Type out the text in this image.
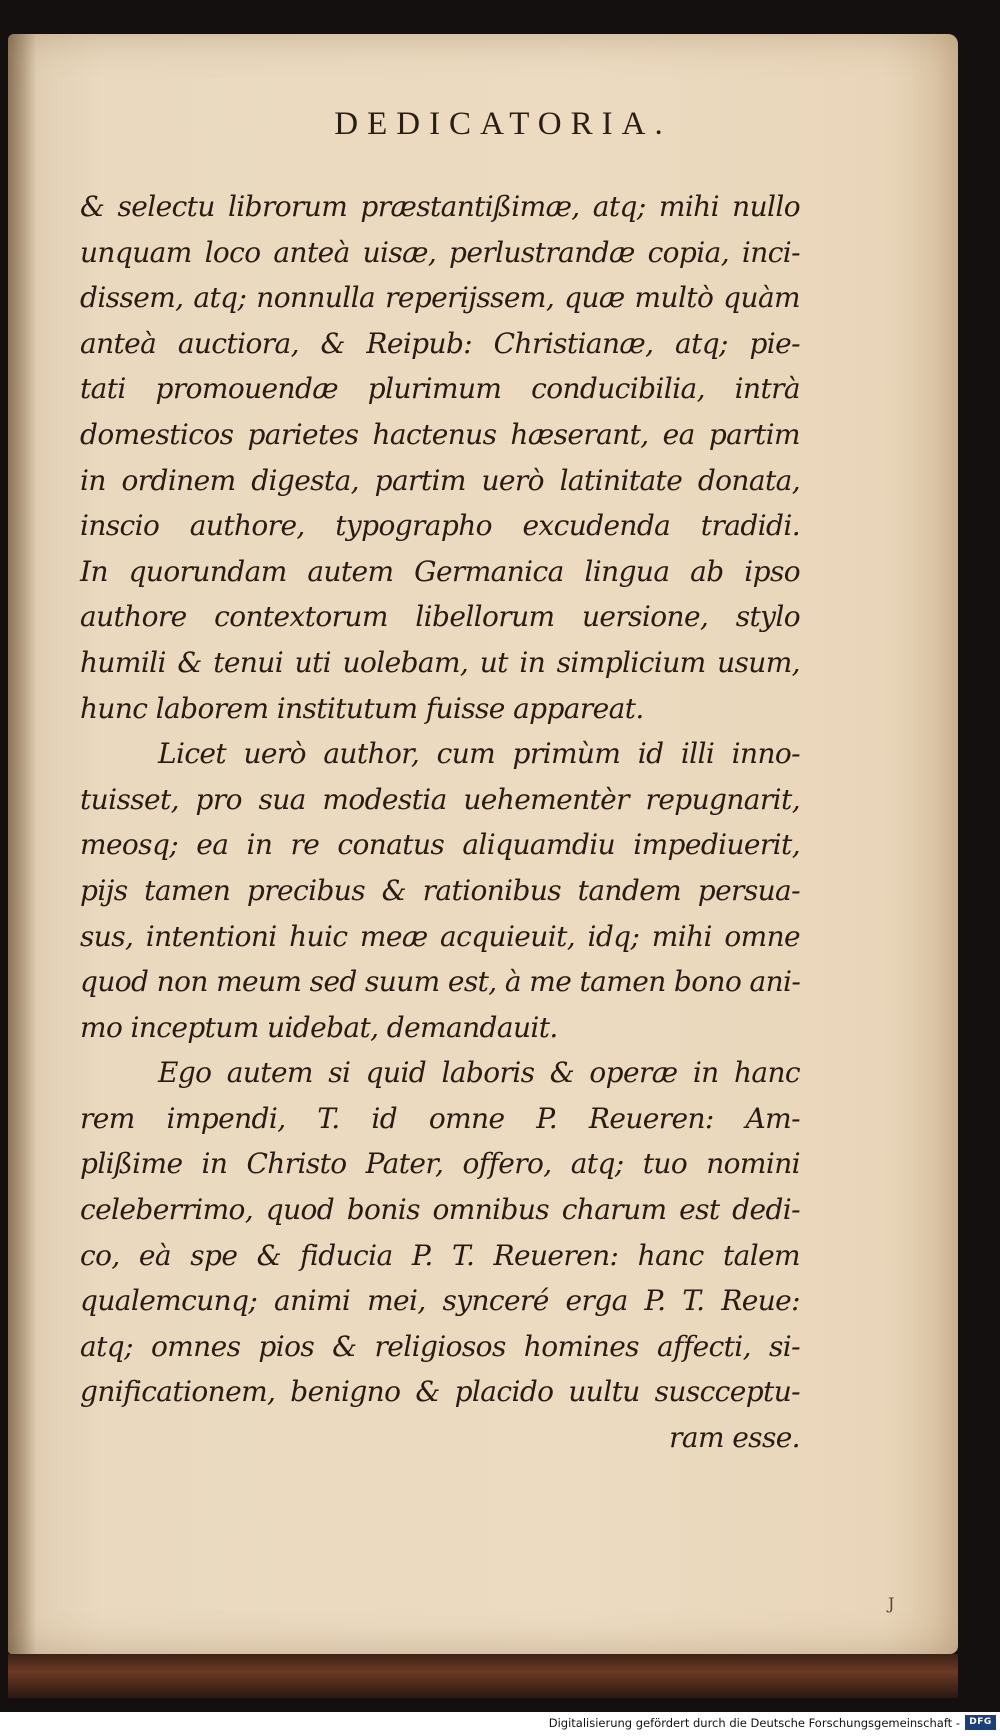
DEDICATORIA.
& selectu librorum præstantißimæ, atq; mihi nullo
unquam loco anteà uisæ, perlustrandæ copia, inci-
dissem, atq; nonnulla reperijssem, quæ multò quàm
anteà auctiora, & Reipub: Christianæ, atq; pie-
tati promouendæ plurimum conducibilia, intrà
domesticos parietes hactenus hæserant, ea partim
in ordinem digesta, partim uerò latinitate donata,
inscio authore, typographo excudenda tradidi.
In quorundam autem Germanica lingua ab ipso
authore contextorum libellorum uersione, stylo
humili & tenui uti uolebam, ut in simplicium usum,
hunc laborem institutum fuisse appareat.
Licet uerò author, cum primùm id illi inno-
tuisset, pro sua modestia uehementèr repugnarit,
meosq; ea in re conatus aliquamdiu impediuerit,
pijs tamen precibus & rationibus tandem persua-
sus, intentioni huic meæ acquieuit, idq; mihi omne
quod non meum sed suum est, à me tamen bono ani-
mo inceptum uidebat, demandauit.
Ego autem si quid laboris & operæ in hanc
rem impendi, T. id omne P. Reueren: Am-
plißime in Christo Pater, offero, atq; tuo nomini
celeberrimo, quod bonis omnibus charum est dedi-
co, eà spe & fiducia P. T. Reueren: hanc talem
qualemcunq; animi mei, synceré erga P. T. Reue:
atq; omnes pios & religiosos homines affecti, si-
gnificationem, benigno & placido uultu suscceptu-
ram esse.
J
Digitalisierung gefördert durch die Deutsche Forschungsgemeinschaft -	DFG
